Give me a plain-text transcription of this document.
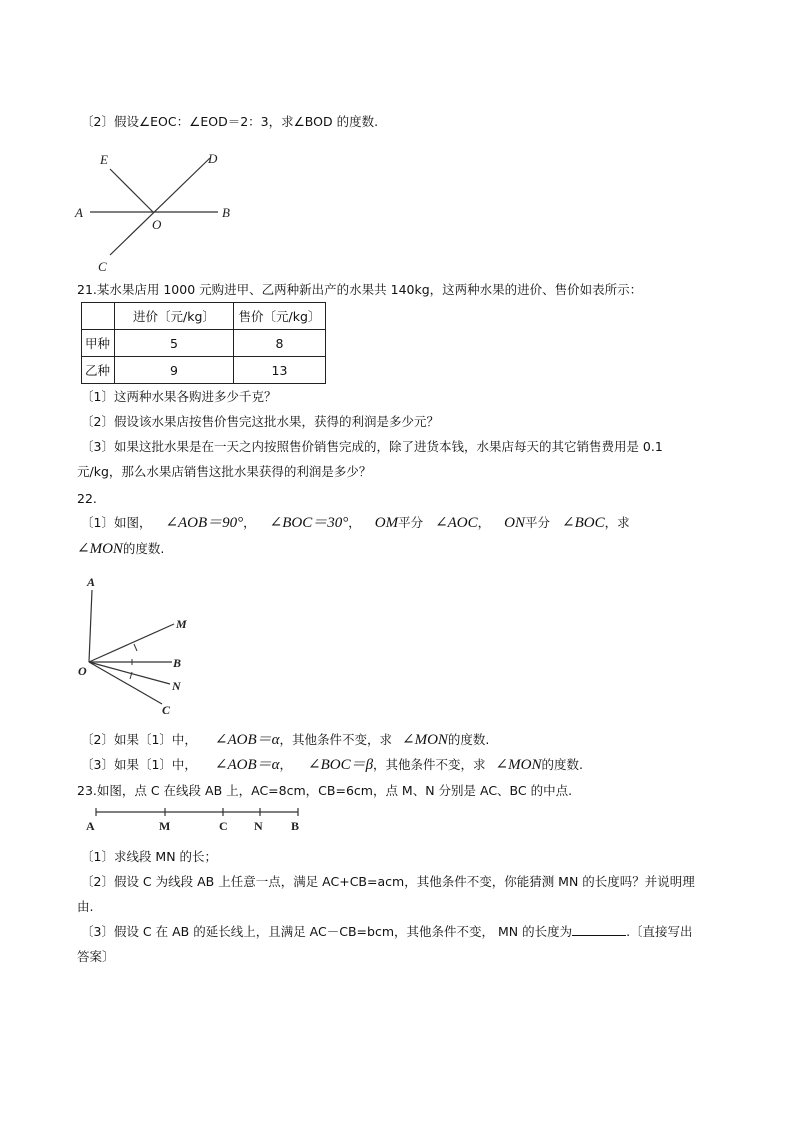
〔2〕假设∠EOC：∠EOD＝2：3，求∠BOD 的度数.
E	D
A
O
B
C
21.某水果店用 1000 元购进甲、乙两种新出产的水果共 140kg，这两种水果的进价、售价如表所示：
	进价〔元/kg〕	售价〔元/kg〕
甲种	5	8
乙种	9	13
〔1〕这两种水果各购进多少千克？
〔2〕假设该水果店按售价售完这批水果，获得的利润是多少元？
〔3〕如果这批水果是在一天之内按照售价销售完成的，除了进货本钱，水果店每天的其它销售费用是 0.1
元/kg，那么水果店销售这批水果获得的利润是多少？
22.
〔1〕如图， ∠AOB＝90°， ∠BOC＝30°， OM平分 ∠AOC， ON平分 ∠BOC，求
∠MON的度数.
A
M
O
B
N
C
〔2〕如果〔1〕中， ∠AOB＝α，其他条件不变，求 ∠MON的度数.
〔3〕如果〔1〕中， ∠AOB＝α， ∠BOC＝β，其他条件不变，求 ∠MON的度数.
23.如图，点 C 在线段 AB 上，AC=8cm，CB=6cm，点 M、N 分别是 AC、BC 的中点.
A	M	C N B
〔1〕求线段 MN 的长；
〔2〕假设 C 为线段 AB 上任意一点，满足 AC+CB=acm，其他条件不变，你能猜测 MN 的长度吗？并说明理
由.
〔3〕假设 C 在 AB 的延长线上，且满足 AC－CB=bcm，其他条件不变， MN 的长度为	.〔直接写出
答案〕
